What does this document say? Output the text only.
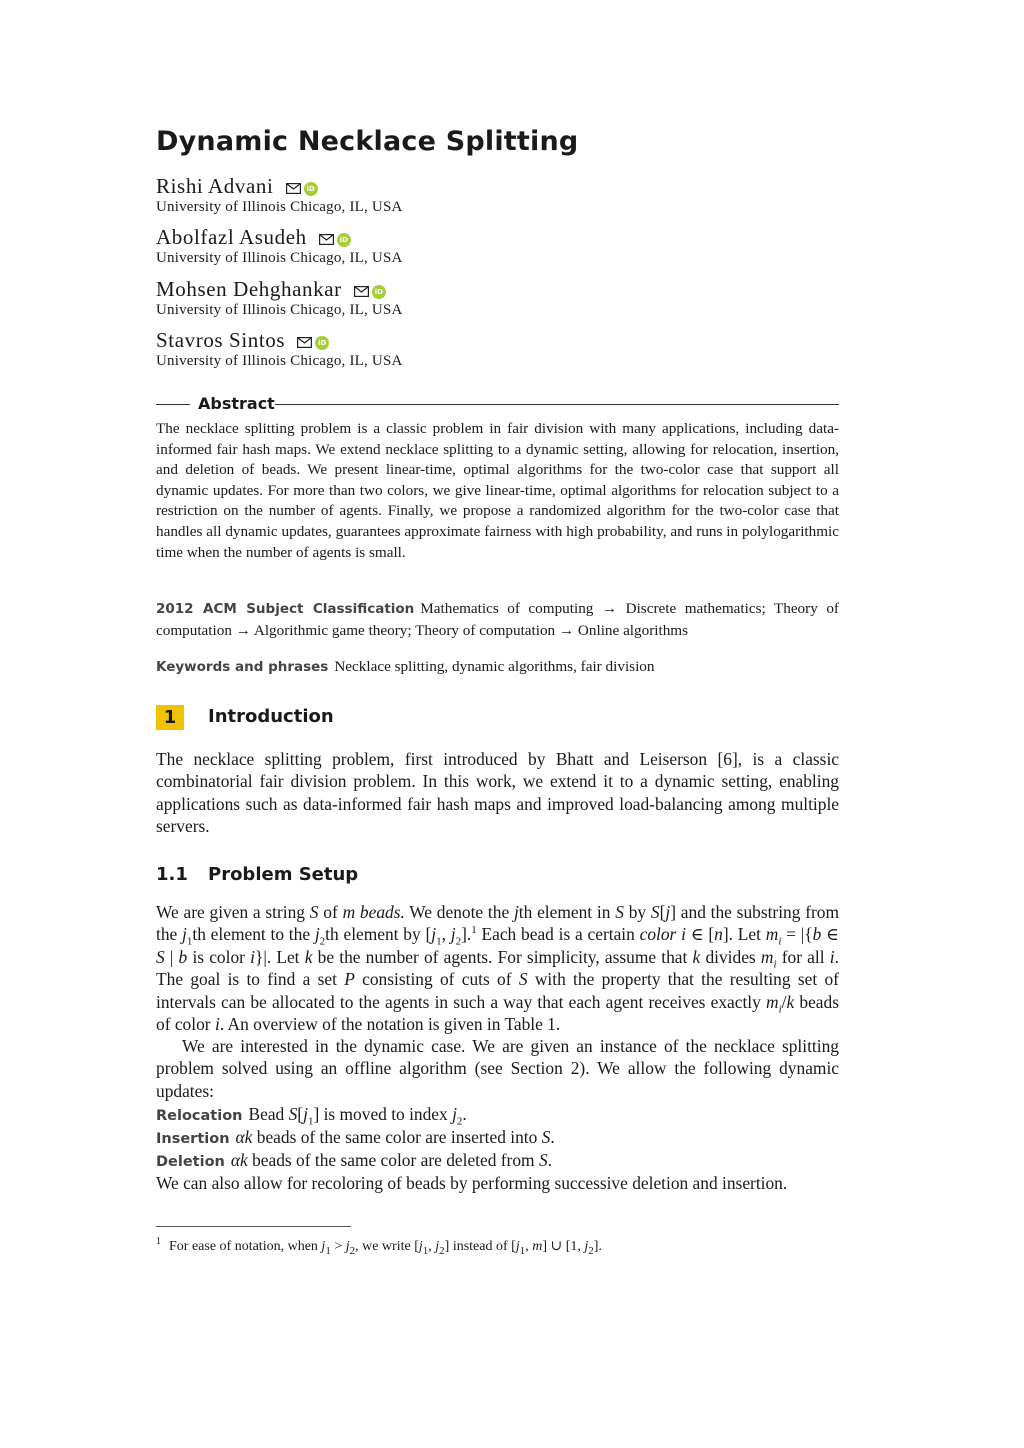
Dynamic Necklace Splitting
Rishi Advani	iD
University of Illinois Chicago, IL, USA
Abolfazl Asudeh	iD
University of Illinois Chicago, IL, USA
Mohsen Dehghankar	iD
University of Illinois Chicago, IL, USA
Stavros Sintos	iD
University of Illinois Chicago, IL, USA
Abstract
The necklace splitting problem is a classic problem in fair division with many applications, including data-informed fair hash maps. We extend necklace splitting to a dynamic setting, allowing for relocation, insertion, and deletion of beads. We present linear-time, optimal algorithms for the two-color case that support all dynamic updates. For more than two colors, we give linear-time, optimal algorithms for relocation subject to a restriction on the number of agents. Finally, we propose a randomized algorithm for the two-color case that handles all dynamic updates, guarantees approximate fairness with high probability, and runs in polylogarithmic time when the number of agents is small.
2012 ACM Subject Classification Mathematics of computing → Discrete mathematics; Theory of computation → Algorithmic game theory; Theory of computation → Online algorithms
Keywords and phrases Necklace splitting, dynamic algorithms, fair division
1	Introduction
The necklace splitting problem, first introduced by Bhatt and Leiserson [6], is a classic combinatorial fair division problem. In this work, we extend it to a dynamic setting, enabling applications such as data-informed fair hash maps and improved load-balancing among multiple servers.
1.1 Problem Setup
We are given a string S of m beads. We denote the jth element in S by S[j] and the substring from the $j_1th$ element to the $j_2th$ element by [$j_1$, $j_2].^1$ Each bead is a certain color i ∈ [n]. Let $m_i = |\{b$ ∈ S | b is color i}|. Let k be the number of agents. For simplicity, assume that k divides $m_i$ for all i. The goal is to find a set P consisting of cuts of S with the property that the resulting set of intervals can be allocated to the agents in such a way that each agent receives exactly $m_i/k$ beads of color i. An overview of the notation is given in Table 1.
We are interested in the dynamic case. We are given an instance of the necklace splitting problem solved using an offline algorithm (see Section 2). We allow the following dynamic updates:
Relocation Bead $S[j_1]$ is moved to index $j_2$.
Insertion αk beads of the same color are inserted into S.
Deletion αk beads of the same color are deleted from S.
We can also allow for recoloring of beads by performing successive deletion and insertion.
$^1$ For ease of notation, when $j_1 > j_2$, we write [$j_1$, $j_2$] instead of [$j_1$, m] ∪ [1, $j_2$].
